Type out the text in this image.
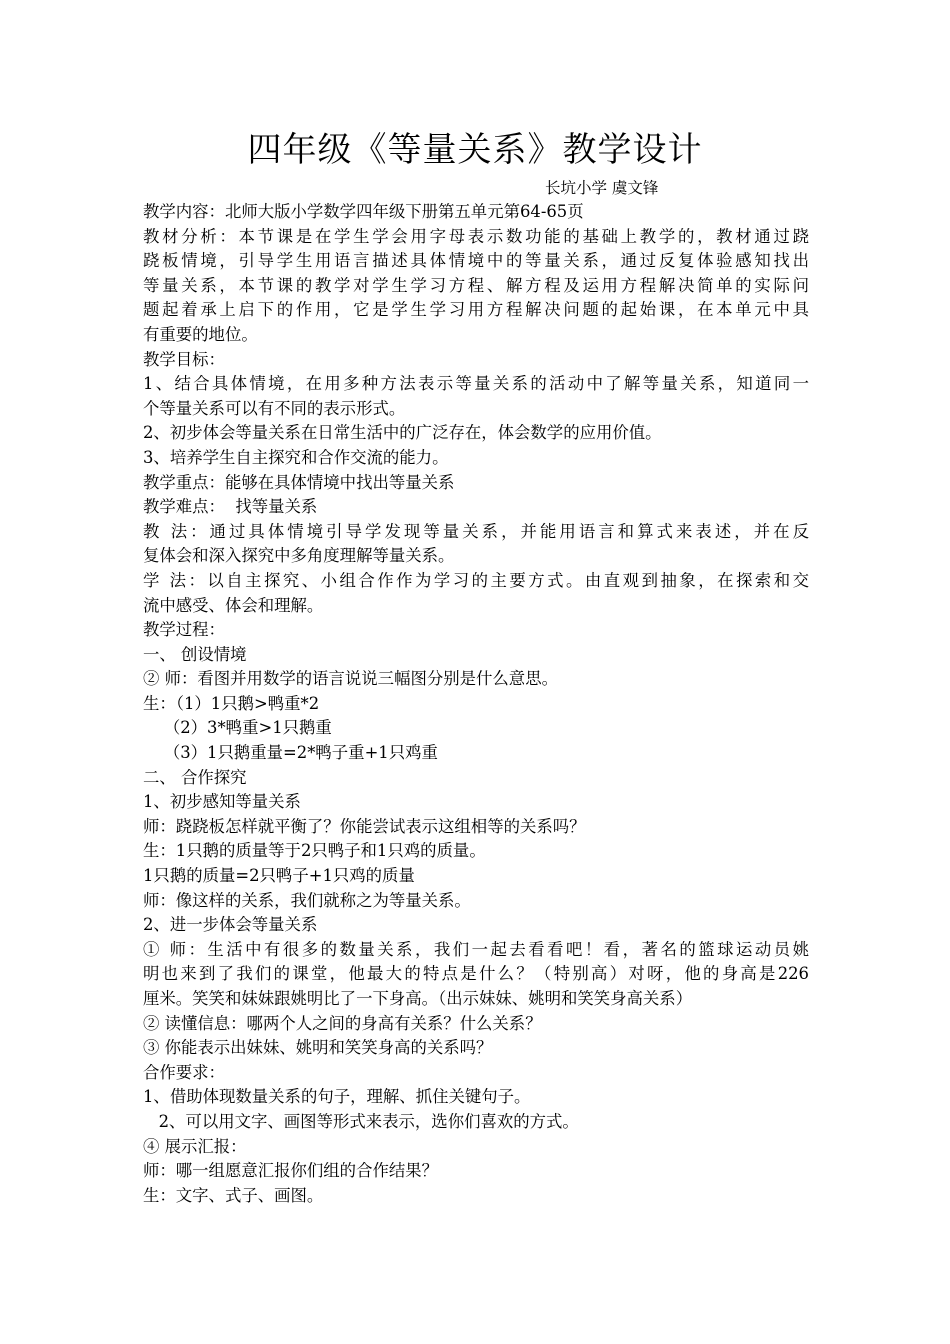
四年级《等量关系》教学设计
长坑小学 虞文锋
教学内容：北师大版小学数学四年级下册第五单元第64-65页
教材分析：本节课是在学生学会用字母表示数功能的基础上教学的，教材通过跷
跷板情境，引导学生用语言描述具体情境中的等量关系，通过反复体验感知找出
等量关系，本节课的教学对学生学习方程、解方程及运用方程解决简单的实际问
题起着承上启下的作用，它是学生学习用方程解决问题的起始课，在本单元中具
有重要的地位。
教学目标：
1、结合具体情境，在用多种方法表示等量关系的活动中了解等量关系，知道同一
个等量关系可以有不同的表示形式。
2、初步体会等量关系在日常生活中的广泛存在，体会数学的应用价值。
3、培养学生自主探究和合作交流的能力。
教学重点：能够在具体情境中找出等量关系
教学难点：  找等量关系
教 法：通过具体情境引导学发现等量关系，并能用语言和算式来表述，并在反
复体会和深入探究中多角度理解等量关系。
学 法：以自主探究、小组合作作为学习的主要方式。由直观到抽象，在探索和交
流中感受、体会和理解。
教学过程：
一、 创设情境
② 师：看图并用数学的语言说说三幅图分别是什么意思。
生：（1）1只鹅>鸭重*2
（2）3*鸭重>1只鹅重
（3）1只鹅重量=2*鸭子重+1只鸡重
二、 合作探究
1、初步感知等量关系
师：跷跷板怎样就平衡了？你能尝试表示这组相等的关系吗？
生：1只鹅的质量等于2只鸭子和1只鸡的质量。
1只鹅的质量=2只鸭子+1只鸡的质量
师：像这样的关系，我们就称之为等量关系。
2、进一步体会等量关系
① 师：生活中有很多的数量关系，我们一起去看看吧！看，著名的篮球运动员姚
明也来到了我们的课堂，他最大的特点是什么？（特别高）对呀，他的身高是226
厘米。笑笑和妹妹跟姚明比了一下身高。（出示妹妹、姚明和笑笑身高关系）
② 读懂信息：哪两个人之间的身高有关系？什么关系？
③ 你能表示出妹妹、姚明和笑笑身高的关系吗？
合作要求：
1、借助体现数量关系的句子，理解、抓住关键句子。
2、可以用文字、画图等形式来表示，选你们喜欢的方式。
④ 展示汇报：
师：哪一组愿意汇报你们组的合作结果？
生：文字、式子、画图。
